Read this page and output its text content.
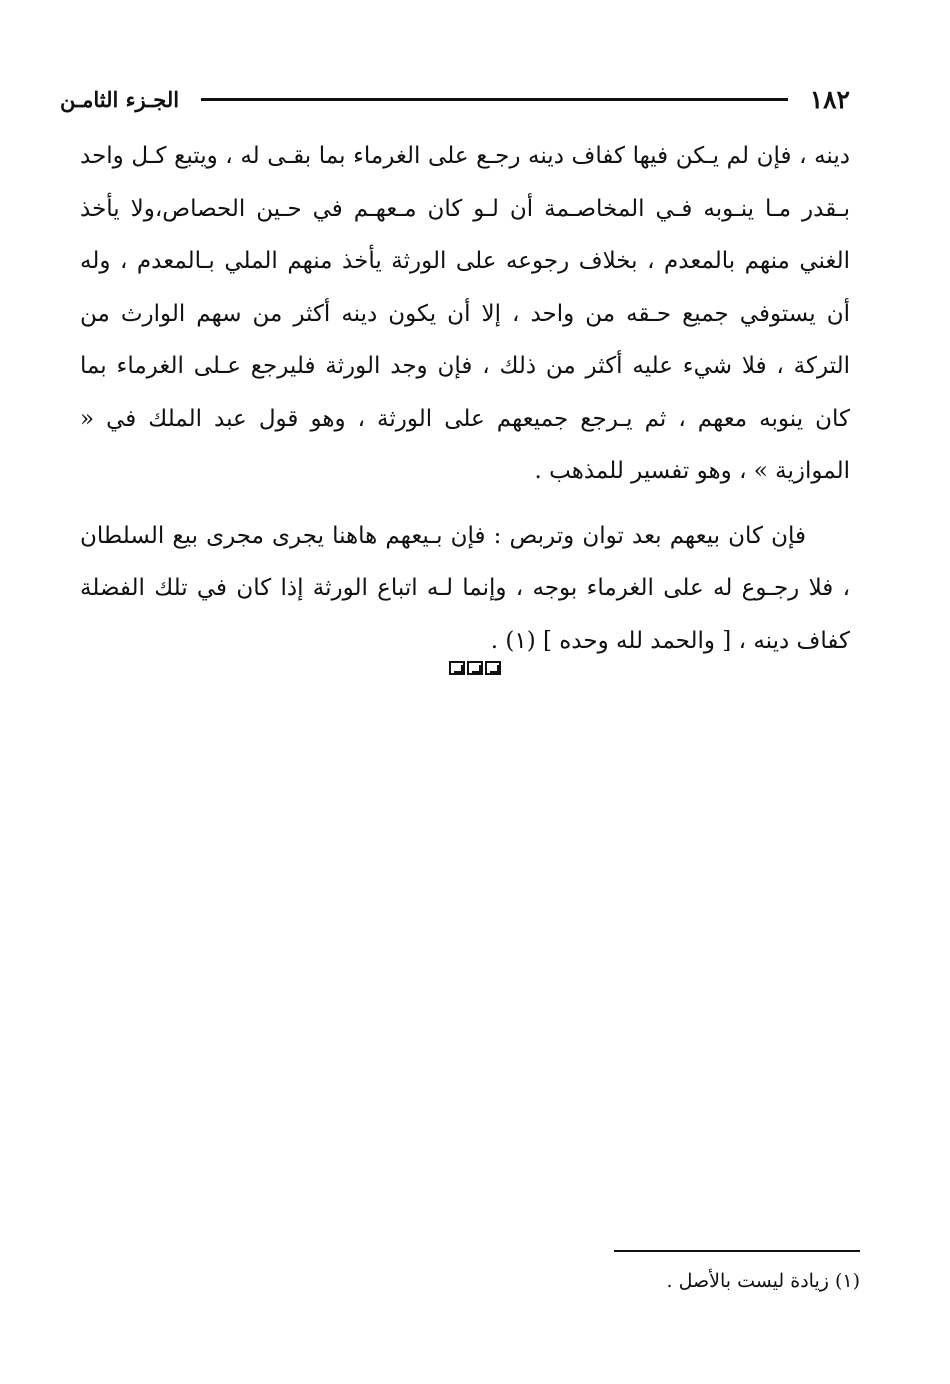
١٨٢
الجـزء الثامـن

دينه ، فإن لم يـكن فيها كفاف دينه رجـع على الغرماء بما بقـى له ، ويتبع كـل واحد بـقدر مـا ينـوبه فـي المخاصـمة أن لـو كان مـعهـم في حـين الحصاص،ولا يأخذ الغني منهم بالمعدم ، بخلاف رجوعه على الورثة يأخذ منهم الملي بـالمعدم ، وله أن يستوفي جميع حـقه من واحد ، إلا أن يكون دينه أكثر من سهم الوارث من التركة ، فلا شيء عليه أكثر من ذلك ، فإن وجد الورثة فليرجع عـلى الغرماء بما كان ينوبه معهم ، ثم يـرجع جميعهم على الورثة ، وهو قول عبد الملك في « الموازية » ، وهو تفسير للمذهب .

فإن كان بيعهم بعد توان وتربص : فإن بـيعهم هاهنا يجرى مجرى بيع السلطان ، فلا رجـوع له على الغرماء بوجه ، وإنما لـه اتباع الورثة إذا كان في تلك الفضلة كفاف دينه ، [ والحمد لله وحده ] (١) .

(١) زيادة ليست بالأصل .
